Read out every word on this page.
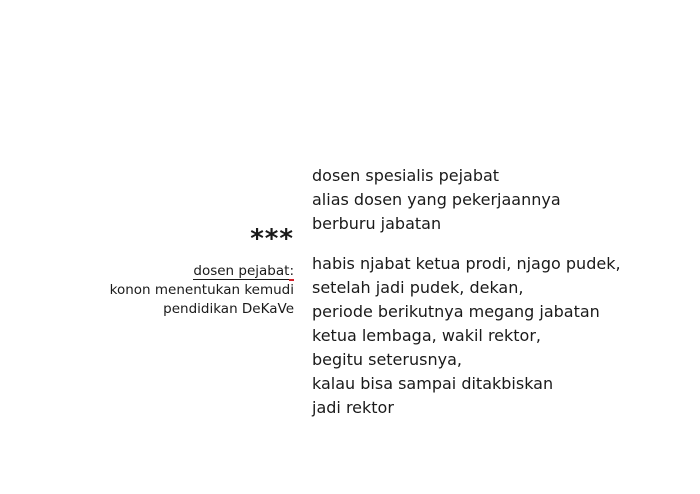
***
dosen pejabat:
konon menentukan kemudi
pendidikan DeKaVe
dosen spesialis pejabat
alias dosen yang pekerjaannya
berburu jabatan
habis njabat ketua prodi, njago pudek,
setelah jadi pudek, dekan,
periode berikutnya megang jabatan
ketua lembaga, wakil rektor,
begitu seterusnya,
kalau bisa sampai ditakbiskan
jadi rektor
